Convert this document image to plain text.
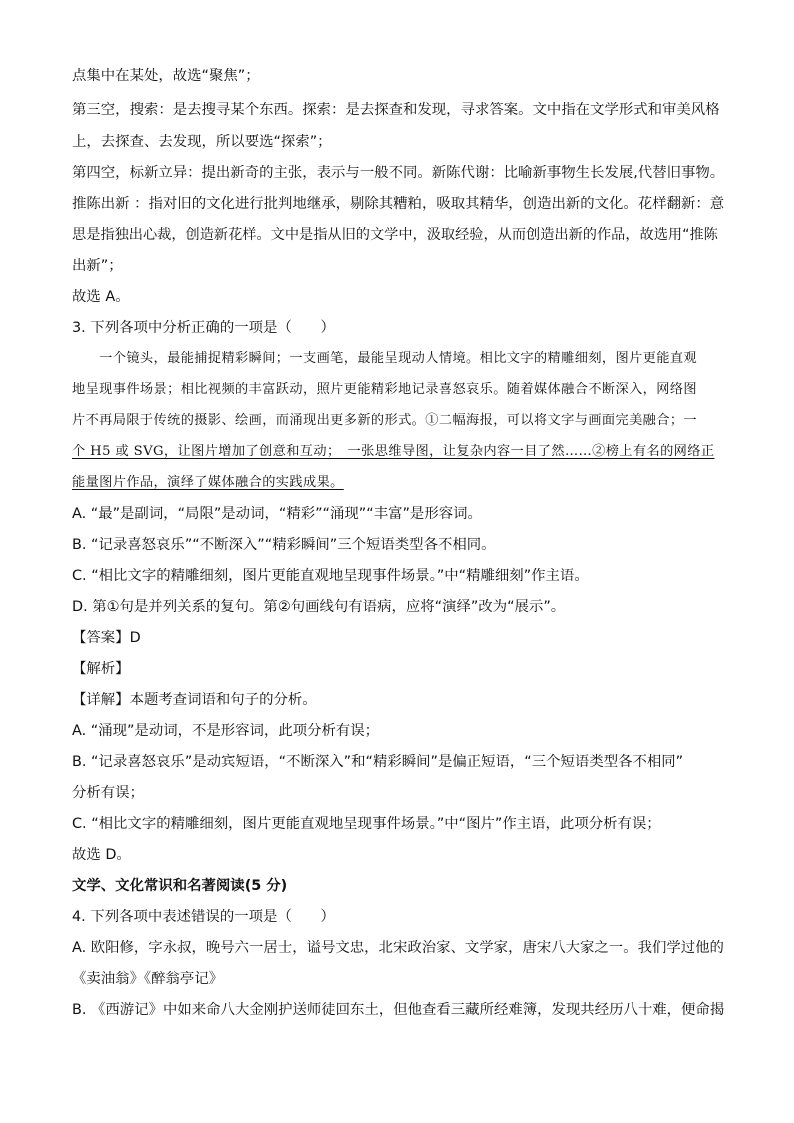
点集中在某处，故选“聚焦”；
第三空，搜索：是去搜寻某个东西。探索：是去探查和发现，寻求答案。文中指在文学形式和审美风格
上，去探查、去发现，所以要选“探索”；
第四空，标新立异：提出新奇的主张，表示与一般不同。新陈代谢：比喻新事物生长发展,代替旧事物。
推陈出新 ：指对旧的文化进行批判地继承，剔除其糟粕，吸取其精华，创造出新的文化。花样翻新：意
思是指独出心裁，创造新花样。文中是指从旧的文学中，汲取经验，从而创造出新的作品，故选用“推陈
出新”；
故选 A。
3. 下列各项中分析正确的一项是（　　）
　　一个镜头，最能捕捉精彩瞬间；一支画笔，最能呈现动人情境。相比文字的精雕细刻，图片更能直观
地呈现事件场景；相比视频的丰富跃动，照片更能精彩地记录喜怒哀乐。随着媒体融合不断深入，网络图
片不再局限于传统的摄影、绘画，而涌现出更多新的形式。①二幅海报，可以将文字与画面完美融合；一
个 H5 或 SVG，让图片增加了创意和互动；　一张思维导图，让复杂内容一目了然……②榜上有名的网络正
能量图片作品，演绎了媒体融合的实践成果。
A. “最”是副词，“局限”是动词，“精彩”“涌现”“丰富”是形容词。
B. “记录喜怒哀乐”“不断深入”“精彩瞬间”三个短语类型各不相同。
C. “相比文字的精雕细刻，图片更能直观地呈现事件场景。”中“精雕细刻”作主语。
D. 第①句是并列关系的复句。第②句画线句有语病，应将“演绎”改为“展示”。
【答案】D
【解析】
【详解】本题考查词语和句子的分析。
A. “涌现”是动词，不是形容词，此项分析有误；
B. “记录喜怒哀乐”是动宾短语，“不断深入”和“精彩瞬间”是偏正短语，“三个短语类型各不相同”
分析有误；
C. “相比文字的精雕细刻，图片更能直观地呈现事件场景。”中“图片”作主语，此项分析有误；
故选 D。
文学、文化常识和名著阅读(5 分)
4. 下列各项中表述错误的一项是（　　）
A. 欧阳修，字永叔，晚号六一居士，谥号文忠，北宋政治家、文学家，唐宋八大家之一。我们学过他的
《卖油翁》《醉翁亭记》
B. 《西游记》中如来命八大金刚护送师徒回东土，但他查看三藏所经难簿，发现共经历八十难，便命揭
